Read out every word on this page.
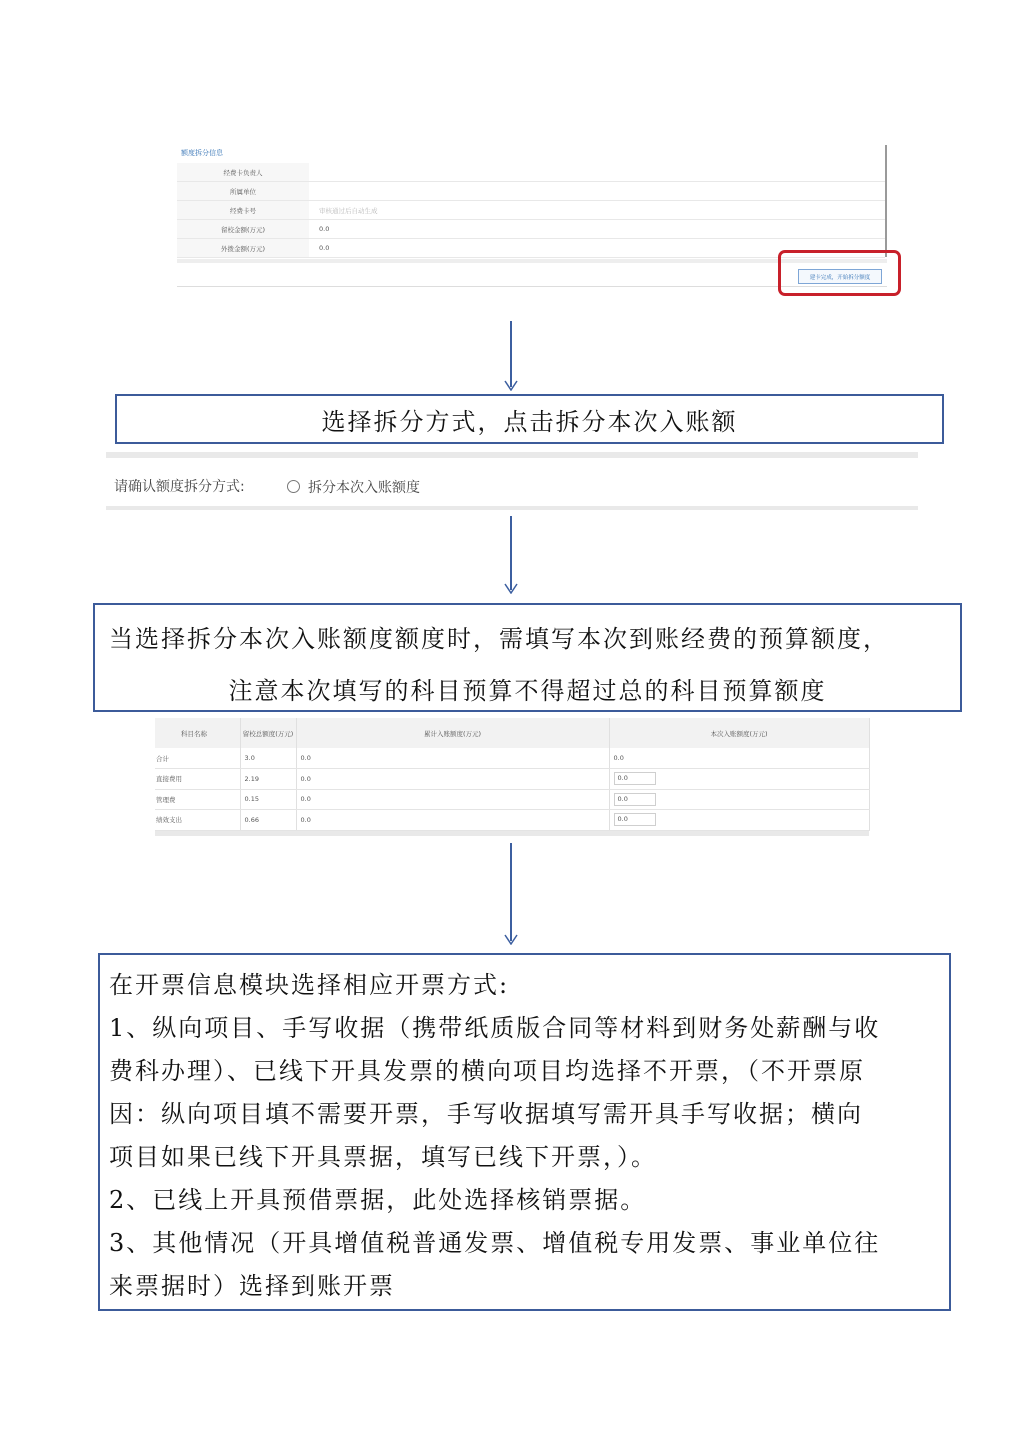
额度拆分信息
经费卡负责人
所属单位
经费卡号	审核通过后自动生成
留校金额(万元)	0.0
外拨金额(万元)	0.0
建卡完成，开始拆分额度
选择拆分方式，点击拆分本次入账额
请确认额度拆分方式:	拆分本次入账额度
当选择拆分本次入账额度额度时，需填写本次到账经费的预算额度，
注意本次填写的科目预算不得超过总的科目预算额度
科目名称	留校总额度(万元)	累计入账额度(万元)	本次入账额度(万元)
合计	3.0	0.0	0.0
直接费用	2.19	0.0	0.0
管理费	0.15	0.0	0.0
绩效支出	0.66	0.0	0.0
在开票信息模块选择相应开票方式:
1、纵向项目、手写收据（携带纸质版合同等材料到财务处薪酬与收
费科办理）、已线下开具发票的横向项目均选择不开票，（不开票原
因：纵向项目填不需要开票，手写收据填写需开具手写收据；横向
项目如果已线下开具票据，填写已线下开票，）。
2、已线上开具预借票据，此处选择核销票据。
3、其他情况（开具增值税普通发票、增值税专用发票、事业单位往
来票据时）选择到账开票
